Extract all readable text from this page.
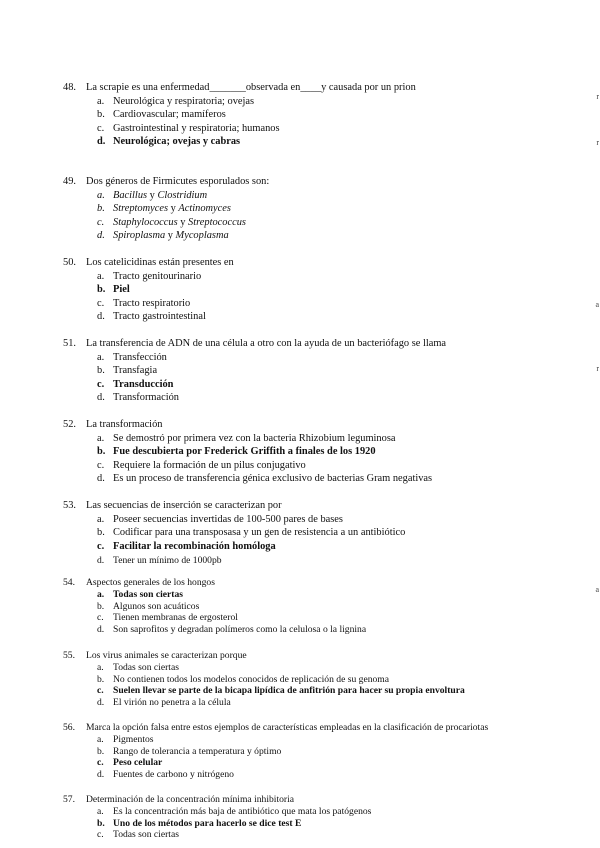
48. La scrapie es una enfermedad_______observada en____y causada por un prion
a. Neurológica y respiratoria; ovejas
b. Cardiovascular; mamíferos
c. Gastrointestinal y respiratoria; humanos
d. Neurológica; ovejas y cabras
49. Dos géneros de Firmicutes esporulados son:
a. Bacillus y Clostridium
b. Streptomyces y Actinomyces
c. Staphylococcus y Streptococcus
d. Spiroplasma y Mycoplasma
50. Los catelicidinas están presentes en
a. Tracto genitourinario
b. Piel
c. Tracto respiratorio
d. Tracto gastrointestinal
51. La transferencia de ADN de una célula a otro con la ayuda de un bacteriófago se llama
a. Transfección
b. Transfagia
c. Transducción
d. Transformación
52. La transformación
a. Se demostró por primera vez con la bacteria Rhizobium leguminosa
b. Fue descubierta por Frederick Griffith a finales de los 1920
c. Requiere la formación de un pilus conjugativo
d. Es un proceso de transferencia génica exclusivo de bacterias Gram negativas
53. Las secuencias de inserción se caracterizan por
a. Poseer secuencias invertidas de 100-500 pares de bases
b. Codificar para una transposasa y un gen de resistencia a un antibiótico
c. Facilitar la recombinación homóloga
d. Tener un mínimo de 1000pb
54. Aspectos generales de los hongos
a. Todas son ciertas
b. Algunos son acuáticos
c. Tienen membranas de ergosterol
d. Son saprofitos y degradan polímeros como la celulosa o la lignina
55. Los virus animales se caracterizan porque
a. Todas son ciertas
b. No contienen todos los modelos conocidos de replicación de su genoma
c. Suelen llevar se parte de la bicapa lipídica de anfitrión para hacer su propia envoltura
d. El virión no penetra a la célula
56. Marca la opción falsa entre estos ejemplos de características empleadas en la clasificación de procariotas
a. Pigmentos
b. Rango de tolerancia a temperatura y óptimo
c. Peso celular
d. Fuentes de carbono y nitrógeno
57. Determinación de la concentración mínima inhibitoria
a. Es la concentración más baja de antibiótico que mata los patógenos
b. Uno de los métodos para hacerlo se dice test E
c. Todas son ciertas
r
r
a
r
a
